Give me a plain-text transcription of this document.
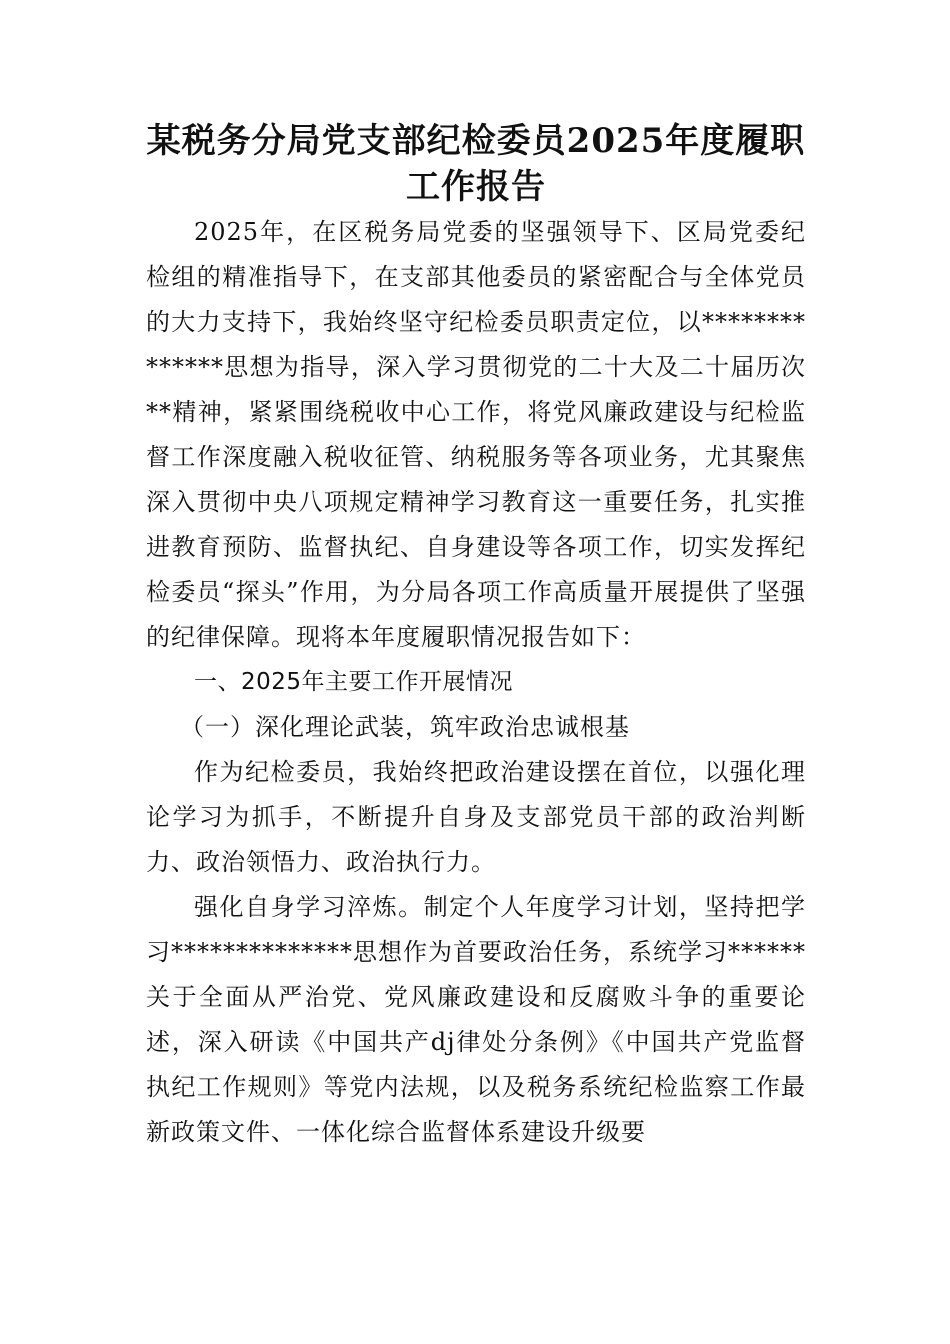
某税务分局党支部纪检委员2025年度履职工作报告

2025年，在区税务局党委的坚强领导下、区局党委纪检组的精准指导下，在支部其他委员的紧密配合与全体党员的大力支持下，我始终坚守纪检委员职责定位，以**************思想为指导，深入学习贯彻党的二十大及二十届历次**精神，紧紧围绕税收中心工作，将党风廉政建设与纪检监督工作深度融入税收征管、纳税服务等各项业务，尤其聚焦深入贯彻中央八项规定精神学习教育这一重要任务，扎实推进教育预防、监督执纪、自身建设等各项工作，切实发挥纪检委员“探头”作用，为分局各项工作高质量开展提供了坚强的纪律保障。现将本年度履职情况报告如下：

一、2025年主要工作开展情况

（一）深化理论武装，筑牢政治忠诚根基

作为纪检委员，我始终把政治建设摆在首位，以强化理论学习为抓手，不断提升自身及支部党员干部的政治判断力、政治领悟力、政治执行力。

强化自身学习淬炼。制定个人年度学习计划，坚持把学习**************思想作为首要政治任务，系统学习******关于全面从严治党、党风廉政建设和反腐败斗争的重要论述，深入研读《中国共产dj律处分条例》《中国共产党监督执纪工作规则》等党内法规，以及税务系统纪检监察工作最新政策文件、一体化综合监督体系建设升级要
